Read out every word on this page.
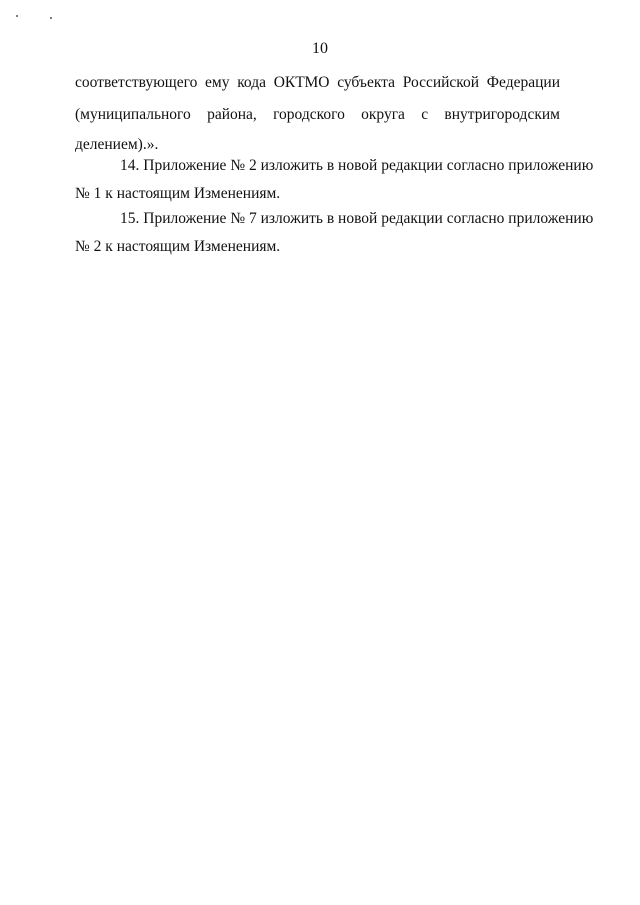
10
соответствующего ему кода ОКТМО субъекта Российской Федерации
(муниципального района, городского округа с внутригородским
делением).».
14. Приложение № 2 изложить в новой редакции согласно приложению
№ 1 к настоящим Изменениям.
15. Приложение № 7 изложить в новой редакции согласно приложению
№ 2 к настоящим Изменениям.
